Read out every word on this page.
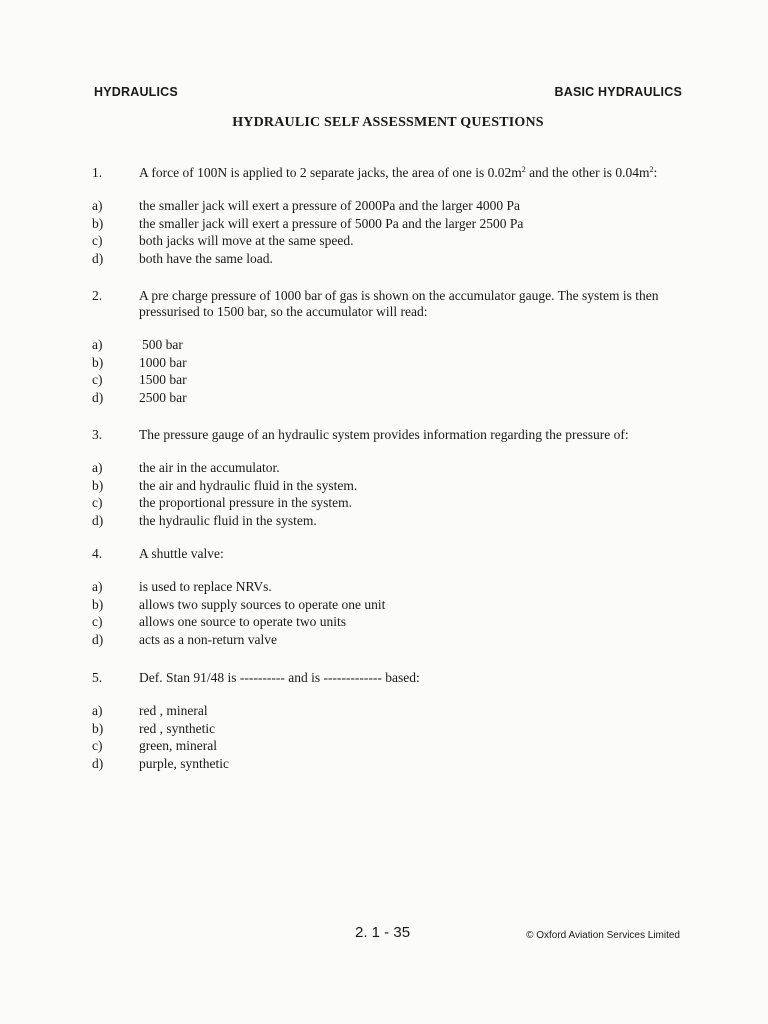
HYDRAULICS	BASIC HYDRAULICS
HYDRAULIC SELF ASSESSMENT QUESTIONS
1.	A force of 100N is applied to 2 separate jacks, the area of one is $0.02m^2$ and the other is $0.04m^2$:
a)	the smaller jack will exert a pressure of 2000Pa and the larger 4000 Pa
b)	the smaller jack will exert a pressure of 5000 Pa and the larger 2500 Pa
c)	both jacks will move at the same speed.
d)	both have the same load.
2.	A pre charge pressure of 1000 bar of gas is shown on the accumulator gauge. The system is then pressurised to 1500 bar, so the accumulator will read:
a)	500 bar
b)	1000 bar
c)	1500 bar
d)	2500 bar
3.	The pressure gauge of an hydraulic system provides information regarding the pressure of:
a)	the air in the accumulator.
b)	the air and hydraulic fluid in the system.
c)	the proportional pressure in the system.
d)	the hydraulic fluid in the system.
4.	A shuttle valve:
a)	is used to replace NRVs.
b)	allows two supply sources to operate one unit
c)	allows one source to operate two units
d)	acts as a non-return valve
5.	Def. Stan 91/48 is ---------- and is ------------- based:
a)	red , mineral
b)	red , synthetic
c)	green, mineral
d)	purple, synthetic
2. 1 - 35	© Oxford Aviation Services Limited
